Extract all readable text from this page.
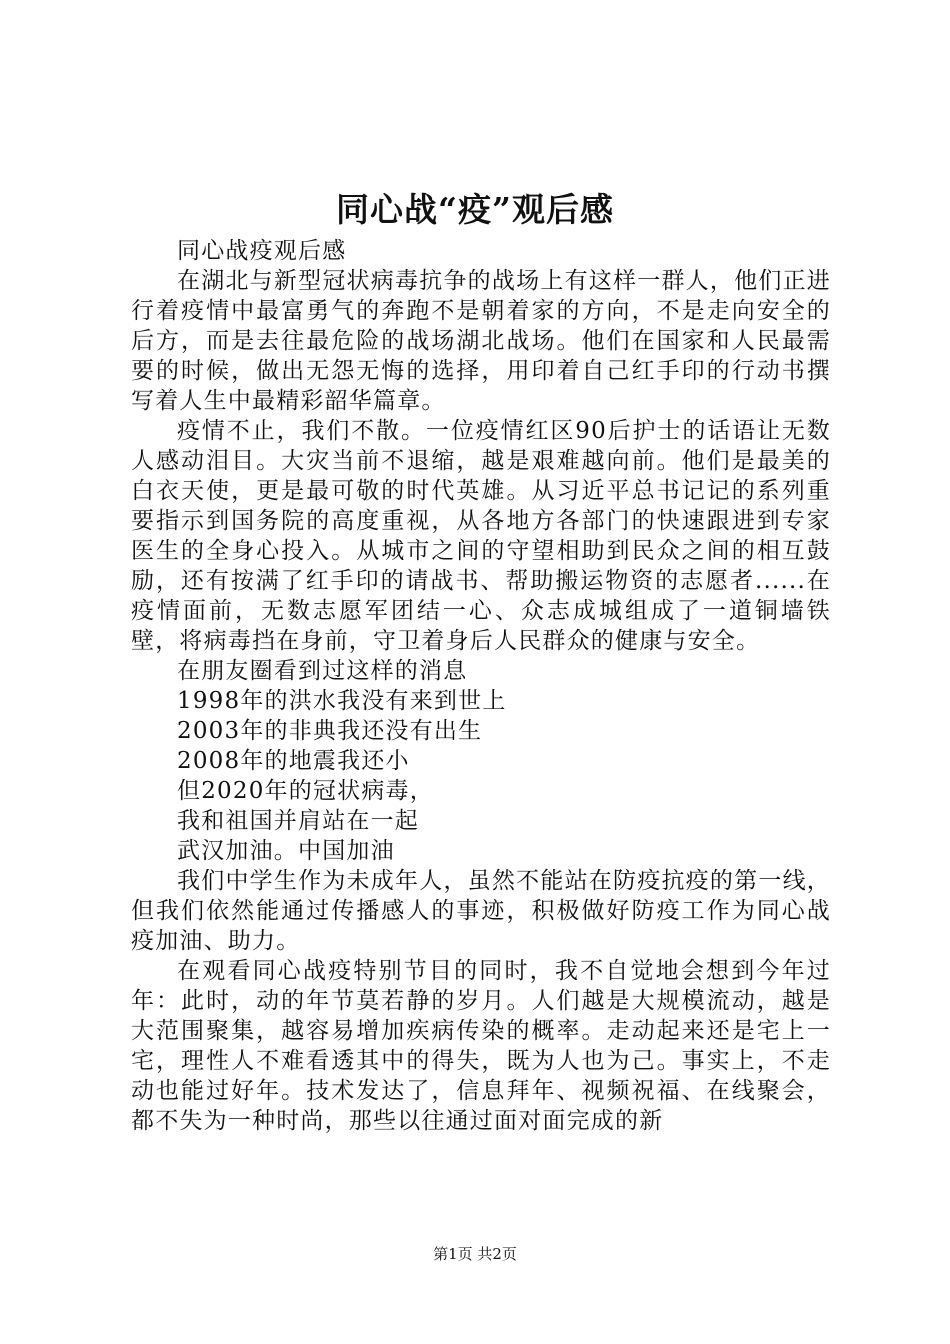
同心战“疫”观后感

同心战疫观后感

在湖北与新型冠状病毒抗争的战场上有这样一群人，他们正进行着疫情中最富勇气的奔跑不是朝着家的方向，不是走向安全的后方，而是去往最危险的战场湖北战场。他们在国家和人民最需要的时候，做出无怨无悔的选择，用印着自己红手印的行动书撰写着人生中最精彩韶华篇章。

疫情不止，我们不散。一位疫情红区90后护士的话语让无数人感动泪目。大灾当前不退缩，越是艰难越向前。他们是最美的白衣天使，更是最可敬的时代英雄。从习近平总书记记的系列重要指示到国务院的高度重视，从各地方各部门的快速跟进到专家医生的全身心投入。从城市之间的守望相助到民众之间的相互鼓励，还有按满了红手印的请战书、帮助搬运物资的志愿者......在疫情面前，无数志愿军团结一心、众志成城组成了一道铜墙铁壁，将病毒挡在身前，守卫着身后人民群众的健康与安全。

在朋友圈看到过这样的消息

1998年的洪水我没有来到世上

2003年的非典我还没有出生

2008年的地震我还小

但2020年的冠状病毒，

我和祖国并肩站在一起

武汉加油。中国加油

我们中学生作为未成年人，虽然不能站在防疫抗疫的第一线，但我们依然能通过传播感人的事迹，积极做好防疫工作为同心战疫加油、助力。

在观看同心战疫特别节目的同时，我不自觉地会想到今年过年：此时，动的年节莫若静的岁月。人们越是大规模流动，越是大范围聚集，越容易增加疾病传染的概率。走动起来还是宅上一宅，理性人不难看透其中的得失，既为人也为己。事实上，不走动也能过好年。技术发达了，信息拜年、视频祝福、在线聚会，都不失为一种时尚，那些以往通过面对面完成的新

第1页 共2页
